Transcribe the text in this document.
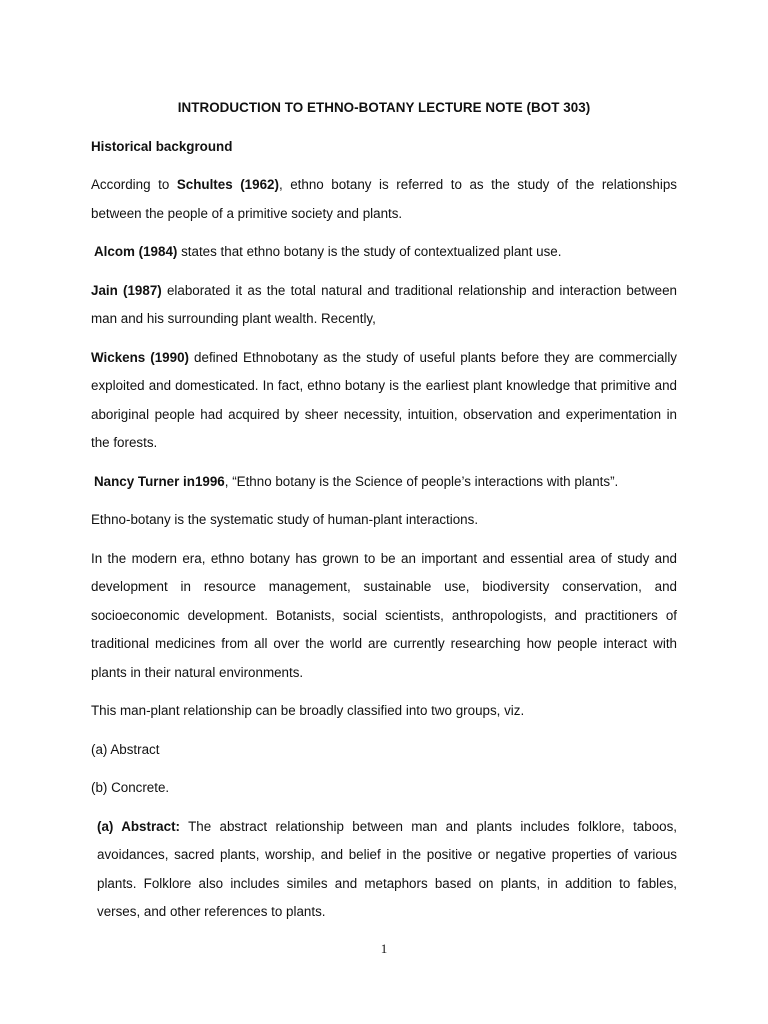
INTRODUCTION TO ETHNO-BOTANY LECTURE NOTE (BOT 303)
Historical background

According to Schultes (1962), ethno botany is referred to as the study of the relationships between the people of a primitive society and plants.

Alcom (1984) states that ethno botany is the study of contextualized plant use.

Jain (1987) elaborated it as the total natural and traditional relationship and interaction between man and his surrounding plant wealth. Recently,

Wickens (1990) defined Ethnobotany as the study of useful plants before they are commercially exploited and domesticated. In fact, ethno botany is the earliest plant knowledge that primitive and aboriginal people had acquired by sheer necessity, intuition, observation and experimentation in the forests.

Nancy Turner in1996, “Ethno botany is the Science of people’s interactions with plants”.

Ethno-botany is the systematic study of human-plant interactions.

In the modern era, ethno botany has grown to be an important and essential area of study and development in resource management, sustainable use, biodiversity conservation, and socioeconomic development. Botanists, social scientists, anthropologists, and practitioners of traditional medicines from all over the world are currently researching how people interact with plants in their natural environments.

This man-plant relationship can be broadly classified into two groups, viz.

(a) Abstract

(b) Concrete.

(a) Abstract: The abstract relationship between man and plants includes folklore, taboos, avoidances, sacred plants, worship, and belief in the positive or negative properties of various plants. Folklore also includes similes and metaphors based on plants, in addition to fables, verses, and other references to plants.

1
